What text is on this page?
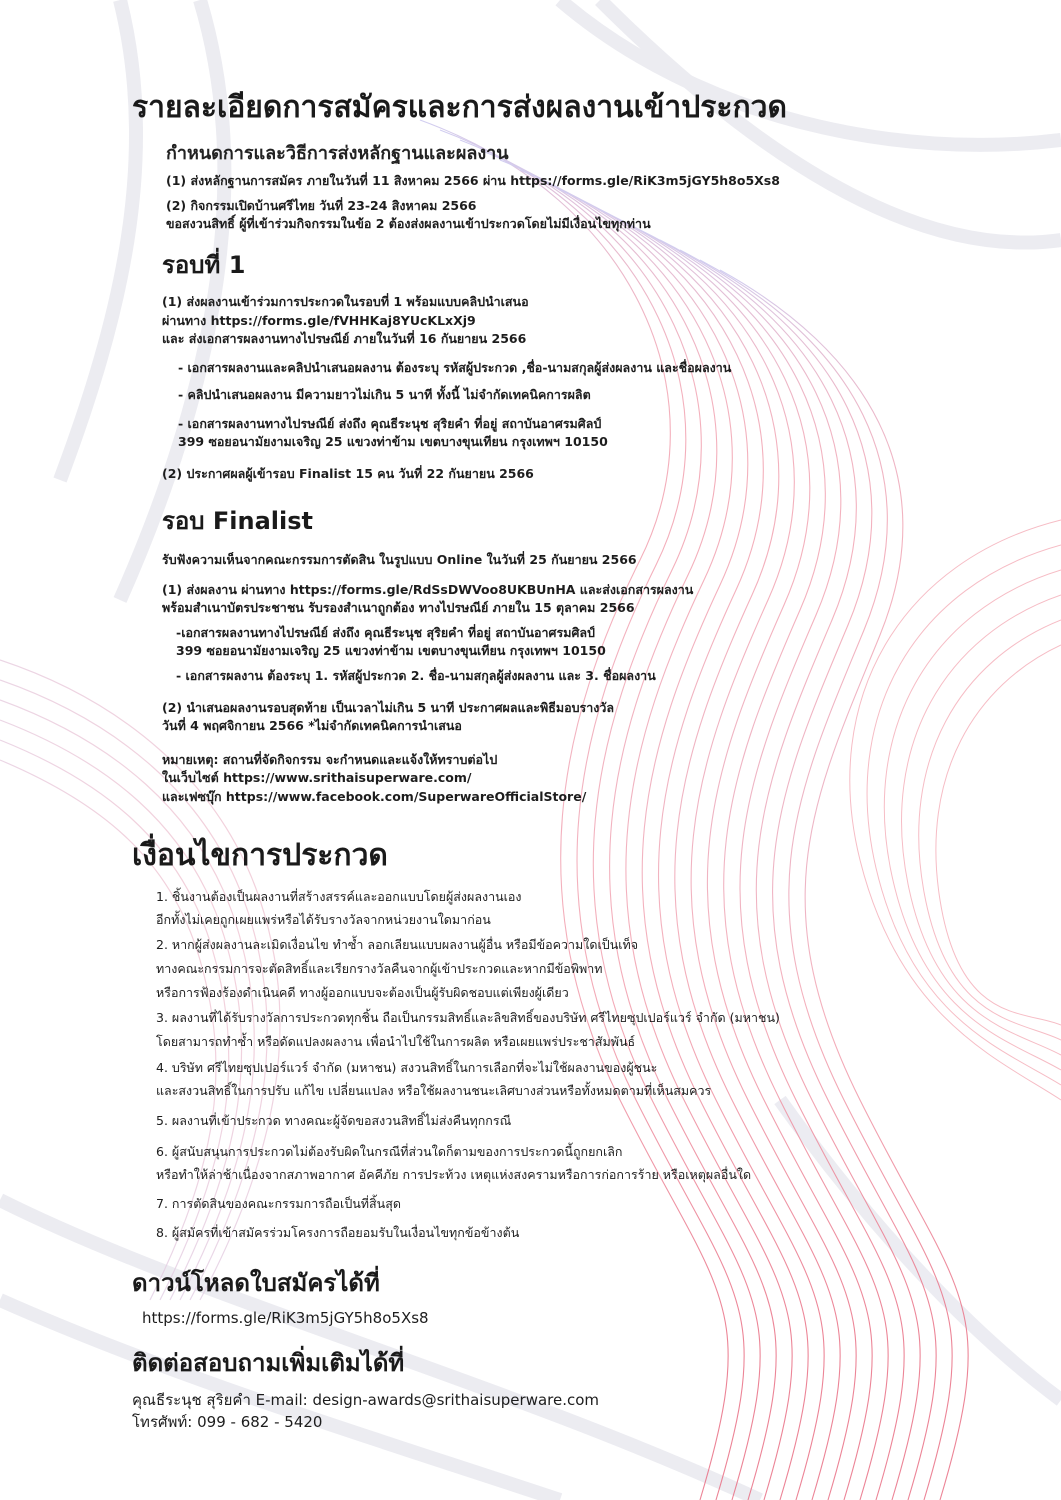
รายละเอียดการสมัครและการส่งผลงานเข้าประกวด
กำหนดการและวิธีการส่งหลักฐานและผลงาน
(1) ส่งหลักฐานการสมัคร ภายในวันที่ 11 สิงหาคม 2566 ผ่าน https://forms.gle/RiK3m5jGY5h8o5Xs8
(2) กิจกรรมเปิดบ้านศรีไทย วันที่ 23-24 สิงหาคม 2566
ขอสงวนสิทธิ์ ผู้ที่เข้าร่วมกิจกรรมในข้อ 2 ต้องส่งผลงานเข้าประกวดโดยไม่มีเงื่อนไขทุกท่าน
รอบที่ 1
(1) ส่งผลงานเข้าร่วมการประกวดในรอบที่ 1 พร้อมแบบคลิปนำเสนอ
ผ่านทาง https://forms.gle/fVHHKaj8YUcKLxXj9
และ ส่งเอกสารผลงานทางไปรษณีย์ ภายในวันที่ 16 กันยายน 2566
- เอกสารผลงานและคลิปนำเสนอผลงาน ต้องระบุ รหัสผู้ประกวด ,ชื่อ-นามสกุลผู้ส่งผลงาน และชื่อผลงาน
- คลิปนำเสนอผลงาน มีความยาวไม่เกิน 5 นาที ทั้งนี้ ไม่จำกัดเทคนิคการผลิต
- เอกสารผลงานทางไปรษณีย์ ส่งถึง คุณธีระนุช สุริยคำ ที่อยู่ สถาบันอาศรมศิลป์
399 ซอยอนามัยงามเจริญ 25 แขวงท่าข้าม เขตบางขุนเทียน กรุงเทพฯ 10150
(2) ประกาศผลผู้เข้ารอบ Finalist 15 คน วันที่ 22 กันยายน 2566
รอบ Finalist
รับฟังความเห็นจากคณะกรรมการตัดสิน ในรูปแบบ Online ในวันที่ 25 กันยายน 2566
(1) ส่งผลงาน ผ่านทาง https://forms.gle/RdSsDWVoo8UKBUnHA และส่งเอกสารผลงาน
พร้อมสำเนาบัตรประชาชน รับรองสำเนาถูกต้อง ทางไปรษณีย์ ภายใน 15 ตุลาคม 2566
-เอกสารผลงานทางไปรษณีย์ ส่งถึง คุณธีระนุช สุริยคำ ที่อยู่ สถาบันอาศรมศิลป์
399 ซอยอนามัยงามเจริญ 25 แขวงท่าข้าม เขตบางขุนเทียน กรุงเทพฯ 10150
- เอกสารผลงาน ต้องระบุ 1. รหัสผู้ประกวด 2. ชื่อ-นามสกุลผู้ส่งผลงาน และ 3. ชื่อผลงาน
(2) นำเสนอผลงานรอบสุดท้าย เป็นเวลาไม่เกิน 5 นาที ประกาศผลและพิธีมอบรางวัล
วันที่ 4 พฤศจิกายน 2566 *ไม่จำกัดเทคนิคการนำเสนอ
หมายเหตุ: สถานที่จัดกิจกรรม จะกำหนดและแจ้งให้ทราบต่อไป
ในเว็บไซต์ https://www.srithaisuperware.com/
และเฟซบุ๊ก https://www.facebook.com/SuperwareOfficialStore/
เงื่อนไขการประกวด
1. ชิ้นงานต้องเป็นผลงานที่สร้างสรรค์และออกแบบโดยผู้ส่งผลงานเอง
อีกทั้งไม่เคยถูกเผยแพร่หรือได้รับรางวัลจากหน่วยงานใดมาก่อน
2. หากผู้ส่งผลงานละเมิดเงื่อนไข ทำซ้ำ ลอกเลียนแบบผลงานผู้อื่น หรือมีข้อความใดเป็นเท็จ
ทางคณะกรรมการจะตัดสิทธิ์และเรียกรางวัลคืนจากผู้เข้าประกวดและหากมีข้อพิพาท
หรือการฟ้องร้องดำเนินคดี ทางผู้ออกแบบจะต้องเป็นผู้รับผิดชอบแต่เพียงผู้เดียว
3. ผลงานที่ได้รับรางวัลการประกวดทุกชิ้น ถือเป็นกรรมสิทธิ์และลิขสิทธิ์ของบริษัท ศรีไทยซุปเปอร์แวร์ จำกัด (มหาชน)
โดยสามารถทำซ้ำ หรือดัดแปลงผลงาน เพื่อนำไปใช้ในการผลิต หรือเผยแพร่ประชาสัมพันธ์
4. บริษัท ศรีไทยซุปเปอร์แวร์ จำกัด (มหาชน) สงวนสิทธิ์ในการเลือกที่จะไม่ใช้ผลงานของผู้ชนะ
และสงวนสิทธิ์ในการปรับ แก้ไข เปลี่ยนแปลง หรือใช้ผลงานชนะเลิศบางส่วนหรือทั้งหมดตามที่เห็นสมควร
5. ผลงานที่เข้าประกวด ทางคณะผู้จัดขอสงวนสิทธิ์ไม่ส่งคืนทุกกรณี
6. ผู้สนับสนุนการประกวดไม่ต้องรับผิดในกรณีที่ส่วนใดก็ตามของการประกวดนี้ถูกยกเลิก
หรือทำให้ล่าช้าเนื่องจากสภาพอากาศ อัคคีภัย การประท้วง เหตุแห่งสงครามหรือการก่อการร้าย หรือเหตุผลอื่นใด
7. การตัดสินของคณะกรรมการถือเป็นที่สิ้นสุด
8. ผู้สมัครที่เข้าสมัครร่วมโครงการถือยอมรับในเงื่อนไขทุกข้อข้างต้น
ดาวน์โหลดใบสมัครได้ที่
https://forms.gle/RiK3m5jGY5h8o5Xs8
ติดต่อสอบถามเพิ่มเติมได้ที่
คุณธีระนุช สุริยคำ E-mail: design-awards@srithaisuperware.com
โทรศัพท์: 099 - 682 - 5420
